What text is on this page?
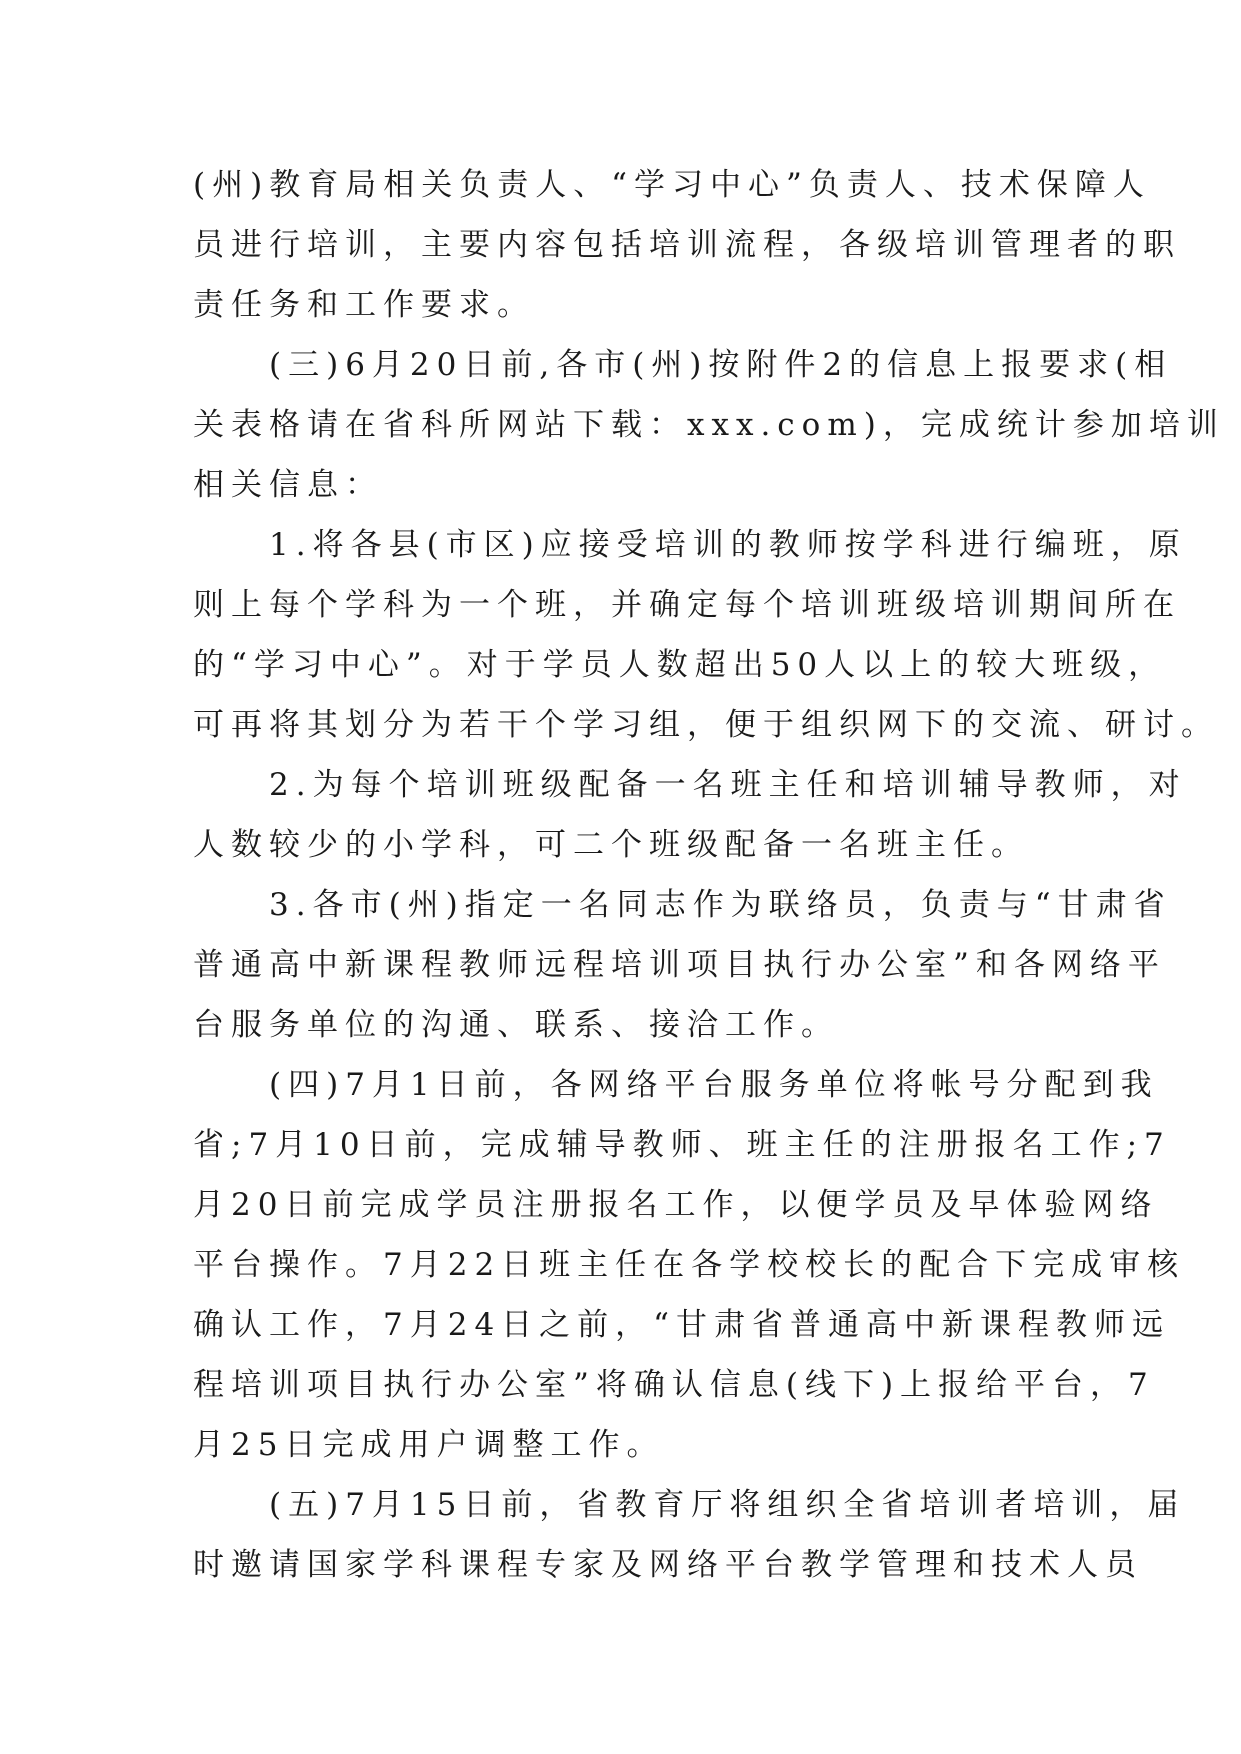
(州)教育局相关负责人、“学习中心”负责人、技术保障人
员进行培训，主要内容包括培训流程，各级培训管理者的职
责任务和工作要求。
(三)6月20日前,各市(州)按附件2的信息上报要求(相
关表格请在省科所网站下载：xxx.com)，完成统计参加培训
相关信息：
1.将各县(市区)应接受培训的教师按学科进行编班，原
则上每个学科为一个班，并确定每个培训班级培训期间所在
的“学习中心”。对于学员人数超出50人以上的较大班级，
可再将其划分为若干个学习组，便于组织网下的交流、研讨。
2.为每个培训班级配备一名班主任和培训辅导教师，对
人数较少的小学科，可二个班级配备一名班主任。
3.各市(州)指定一名同志作为联络员，负责与“甘肃省
普通高中新课程教师远程培训项目执行办公室”和各网络平
台服务单位的沟通、联系、接洽工作。
(四)7月1日前，各网络平台服务单位将帐号分配到我
省;7月10日前，完成辅导教师、班主任的注册报名工作;7
月20日前完成学员注册报名工作，以便学员及早体验网络
平台操作。7月22日班主任在各学校校长的配合下完成审核
确认工作，7月24日之前，“甘肃省普通高中新课程教师远
程培训项目执行办公室”将确认信息(线下)上报给平台，7
月25日完成用户调整工作。
(五)7月15日前，省教育厅将组织全省培训者培训，届
时邀请国家学科课程专家及网络平台教学管理和技术人员
